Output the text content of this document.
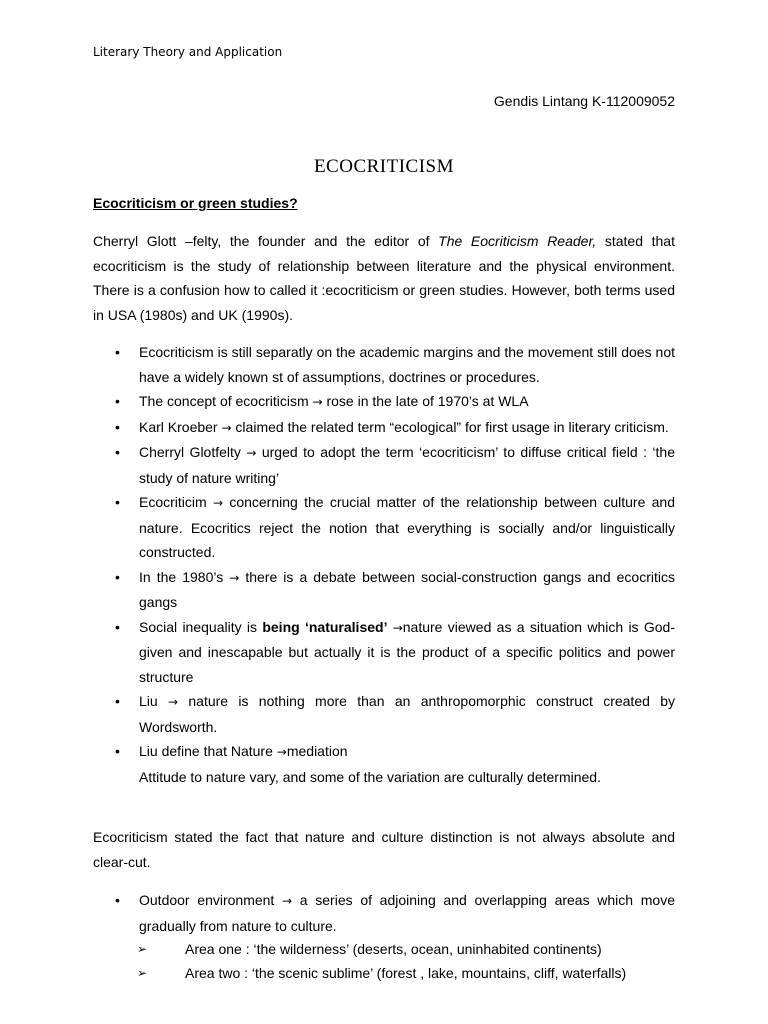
Literary Theory and Application
Gendis Lintang K-112009052
ECOCRITICISM
Ecocriticism or green studies?
Cherryl Glott –felty, the founder and the editor of The Eocriticism Reader, stated that ecocriticism is the study of relationship between literature and the physical environment. There is a confusion how to called it :ecocriticism or green studies. However, both terms used in USA (1980s) and UK (1990s).
• Ecocriticism is still separatly on the academic margins and the movement still does not have a widely known st of assumptions, doctrines or procedures.
• The concept of ecocriticism → rose in the late of 1970’s at WLA
• Karl Kroeber → claimed the related term “ecological” for first usage in literary criticism.
• Cherryl Glotfelty → urged to adopt the term ‘ecocriticism’ to diffuse critical field : ‘the study of nature writing’
• Ecocriticim → concerning the crucial matter of the relationship between culture and nature. Ecocritics reject the notion that everything is socially and/or linguistically constructed.
• In the 1980’s → there is a debate between social-construction gangs and ecocritics gangs
• Social inequality is being ‘naturalised’ →nature viewed as a situation which is God-given and inescapable but actually it is the product of a specific politics and power structure
• Liu → nature is nothing more than an anthropomorphic construct created by Wordsworth.
• Liu define that Nature →mediation
Attitude to nature vary, and some of the variation are culturally determined.
Ecocriticism stated the fact that nature and culture distinction is not always absolute and clear-cut.
• Outdoor environment → a series of adjoining and overlapping areas which move gradually from nature to culture.
➢	Area one : ‘the wilderness’ (deserts, ocean, uninhabited continents)
➢	Area two : ‘the scenic sublime’ (forest , lake, mountains, cliff, waterfalls)
